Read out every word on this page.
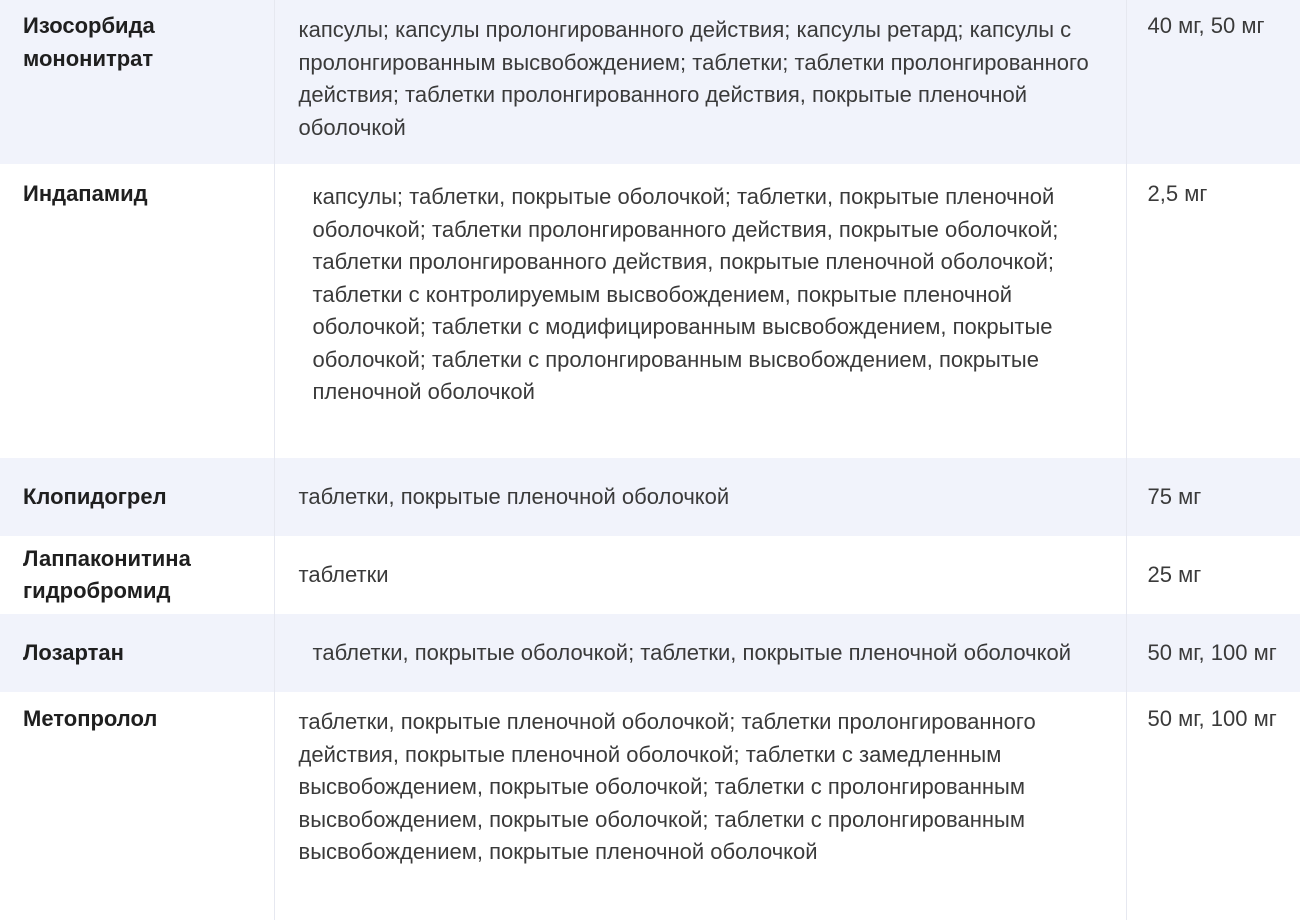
Изосорбида мононитрат	капсулы; капсулы пролонгированного действия; капсулы ретард; капсулы с пролонгированным высвобождением; таблетки; таблетки пролонгированного действия; таблетки пролонгированного действия, покрытые пленочной оболочкой	40 мг, 50 мг
Индапамид	капсулы; таблетки, покрытые оболочкой; таблетки, покрытые пленочной оболочкой; таблетки пролонгированного действия, покрытые оболочкой; таблетки пролонгированного действия, покрытые пленочной оболочкой; таблетки с контролируемым высвобождением, покрытые пленочной оболочкой; таблетки с модифицированным высвобождением, покрытые оболочкой; таблетки с пролонгированным высвобождением, покрытые пленочной оболочкой	2,5 мг
Клопидогрел	таблетки, покрытые пленочной оболочкой	75 мг
Лаппаконитина гидробромид	таблетки	25 мг
Лозартан	таблетки, покрытые оболочкой; таблетки, покрытые пленочной оболочкой	50 мг, 100 мг
Метопролол	таблетки, покрытые пленочной оболочкой; таблетки пролонгированного действия, покрытые пленочной оболочкой; таблетки с замедленным высвобождением, покрытые оболочкой; таблетки с пролонгированным высвобождением, покрытые оболочкой; таблетки с пролонгированным высвобождением, покрытые пленочной оболочкой	50 мг, 100 мг
